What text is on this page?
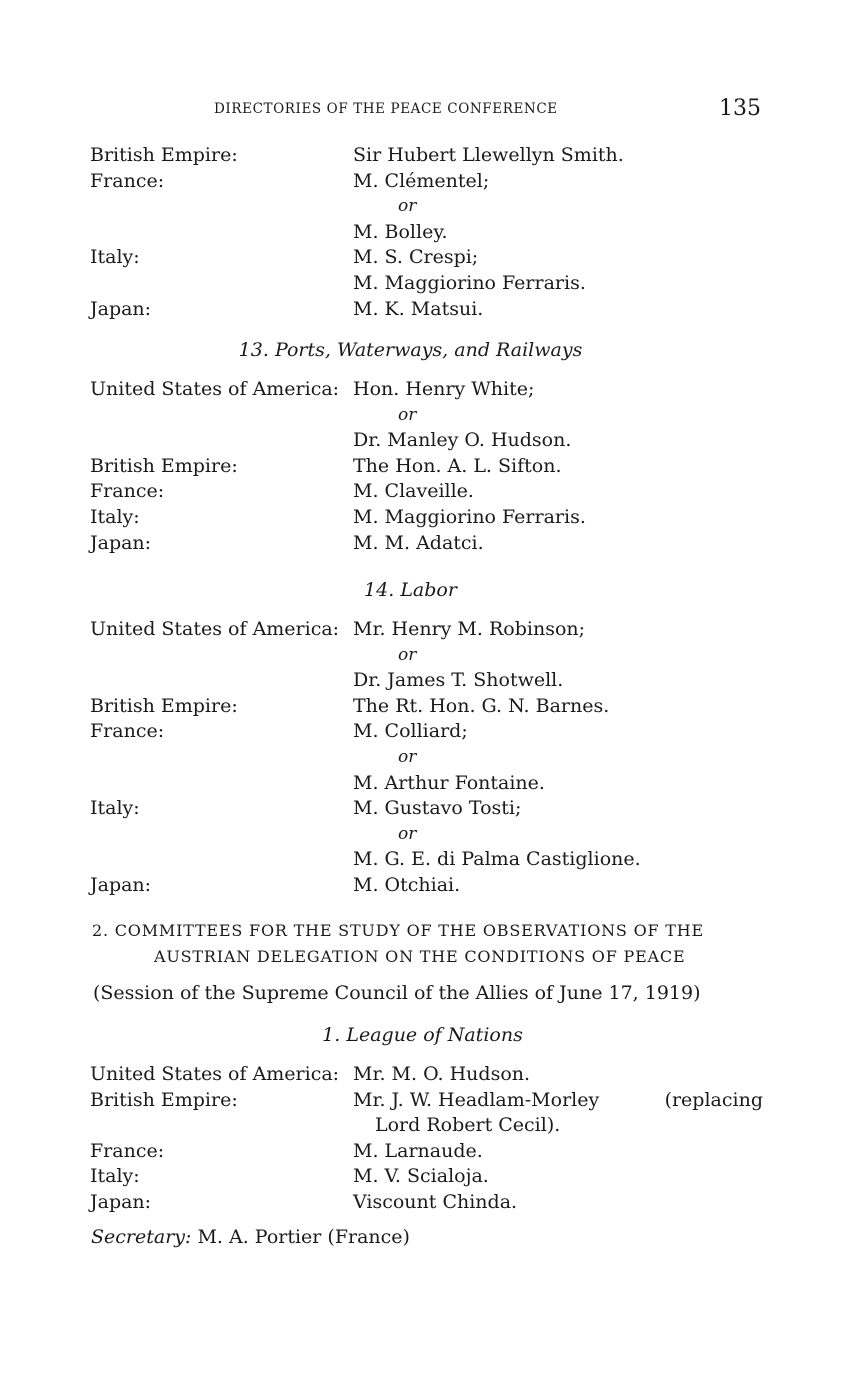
DIRECTORIES OF THE PEACE CONFERENCE	135
British Empire:	Sir Hubert Llewellyn Smith.
France:	M. Clémentel;
or
M. Bolley.
Italy:	M. S. Crespi;
M. Maggiorino Ferraris.
Japan:	M. K. Matsui.
13. Ports, Waterways, and Railways
United States of America: Hon. Henry White;
or
Dr. Manley O. Hudson.
British Empire:	The Hon. A. L. Sifton.
France:	M. Claveille.
Italy:	M. Maggiorino Ferraris.
Japan:	M. M. Adatci.
14. Labor
United States of America: Mr. Henry M. Robinson;
or
Dr. James T. Shotwell.
British Empire:	The Rt. Hon. G. N. Barnes.
France:	M. Colliard;
or
M. Arthur Fontaine.
Italy:	M. Gustavo Tosti;
or
M. G. E. di Palma Castiglione.
Japan:	M. Otchiai.
2. COMMITTEES FOR THE STUDY OF THE OBSERVATIONS OF THE
AUSTRIAN DELEGATION ON THE CONDITIONS OF PEACE
(Session of the Supreme Council of the Allies of June 17, 1919)
1. League of Nations
United States of America: Mr. M. O. Hudson.
British Empire:	Mr. J. W. Headlam-Morley	(replacing
Lord Robert Cecil).
France:	M. Larnaude.
Italy:	M. V. Scialoja.
Japan:	Viscount Chinda.
Secretary: M. A. Portier (France)
